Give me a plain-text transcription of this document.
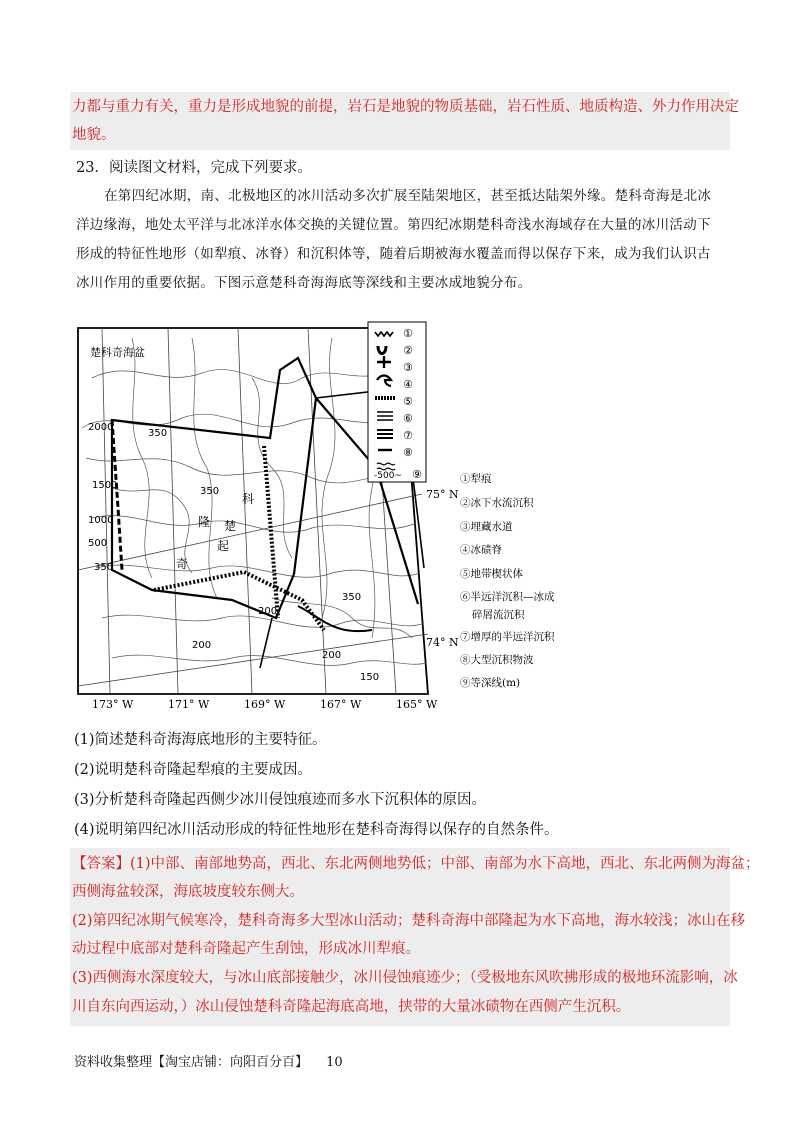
力都与重力有关，重力是形成地貌的前提，岩石是地貌的物质基础，岩石性质、地质构造、外力作用决定
地貌。
23．阅读图文材料，完成下列要求。
在第四纪冰期，南、北极地区的冰川活动多次扩展至陆架地区，甚至抵达陆架外缘。楚科奇海是北冰
洋边缘海，地处太平洋与北冰洋水体交换的关键位置。第四纪冰期楚科奇浅水海域存在大量的冰川活动下
形成的特征性地形（如犁痕、冰脊）和沉积体等，随着后期被海水覆盖而得以保存下来，成为我们认识古
冰川作用的重要依据。下图示意楚科奇海海底等深线和主要冰成地貌分布。
楚科奇海盆
楚
科
奇
隆
起
2000
1500
1000
500
350
350
350
350
200
200
150
200
①
②
③
④
⑤
⑥
⑦
⑧
⑨
-500~
75° N
74° N
173° W	171° W	169° W	167° W	165° W
①犁痕
②冰下水流沉积
③埋藏水道
④冰碛脊
⑤地带楔状体
⑥半远洋沉积—冰成
碎屑流沉积
⑦增厚的半远洋沉积
⑧大型沉积物波
⑨等深线(m)
(1)简述楚科奇海海底地形的主要特征。
(2)说明楚科奇隆起犁痕的主要成因。
(3)分析楚科奇隆起西侧少冰川侵蚀痕迹而多水下沉积体的原因。
(4)说明第四纪冰川活动形成的特征性地形在楚科奇海得以保存的自然条件。
【答案】(1)中部、南部地势高，西北、东北两侧地势低；中部、南部为水下高地，西北、东北两侧为海盆；
西侧海盆较深，海底坡度较东侧大。
(2)第四纪冰期气候寒冷，楚科奇海多大型冰山活动；楚科奇海中部隆起为水下高地，海水较浅；冰山在移
动过程中底部对楚科奇隆起产生刮蚀，形成冰川犁痕。
(3)西侧海水深度较大，与冰山底部接触少，冰川侵蚀痕迹少；（受极地东风吹拂形成的极地环流影响，冰
川自东向西运动，）冰山侵蚀楚科奇隆起海底高地，挟带的大量冰碛物在西侧产生沉积。
资料收集整理【淘宝店铺：向阳百分百】 10
